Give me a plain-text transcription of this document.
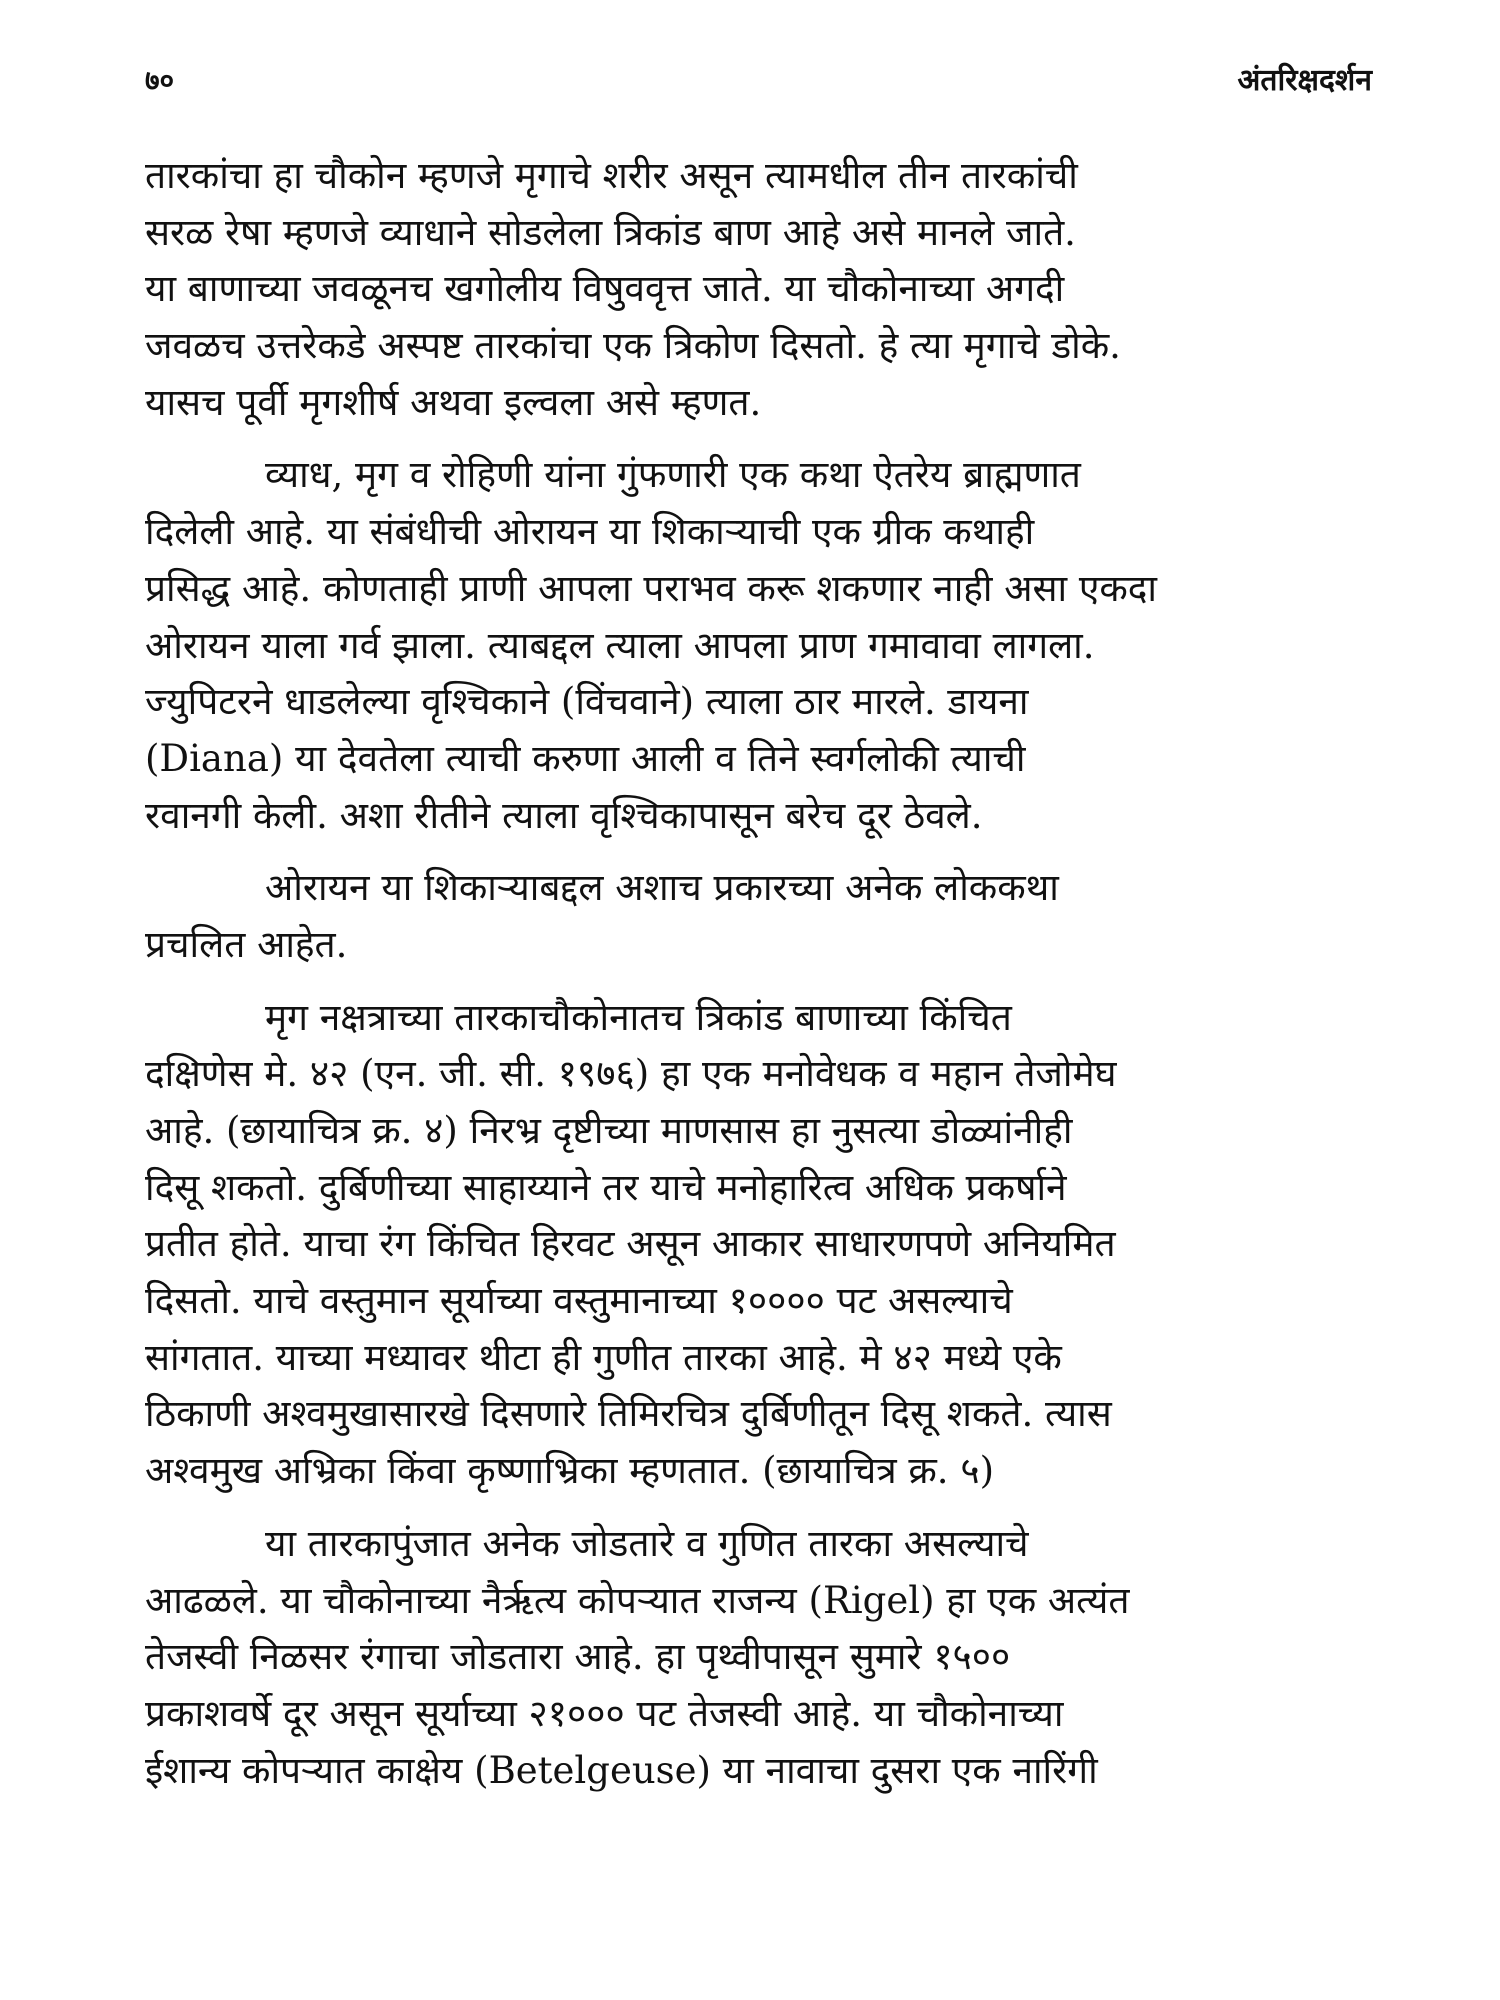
७०	अंतरिक्षदर्शन

तारकांचा हा चौकोन म्हणजे मृगाचे शरीर असून त्यामधील तीन तारकांची
सरळ रेषा म्हणजे व्याधाने सोडलेला त्रिकांड बाण आहे असे मानले जाते.
या बाणाच्या जवळूनच खगोलीय विषुववृत्त जाते. या चौकोनाच्या अगदी
जवळच उत्तरेकडे अस्पष्ट तारकांचा एक त्रिकोण दिसतो. हे त्या मृगाचे डोके.
यासच पूर्वी मृगशीर्ष अथवा इल्वला असे म्हणत.

व्याध, मृग व रोहिणी यांना गुंफणारी एक कथा ऐतरेय ब्राह्मणात
दिलेली आहे. या संबंधीची ओरायन या शिकाऱ्याची एक ग्रीक कथाही
प्रसिद्ध आहे. कोणताही प्राणी आपला पराभव करू शकणार नाही असा एकदा
ओरायन याला गर्व झाला. त्याबद्दल त्याला आपला प्राण गमावावा लागला.
ज्युपिटरने धाडलेल्या वृश्चिकाने (विंचवाने) त्याला ठार मारले. डायना
(Diana) या देवतेला त्याची करुणा आली व तिने स्वर्गलोकी त्याची
रवानगी केली. अशा रीतीने त्याला वृश्चिकापासून बरेच दूर ठेवले.

ओरायन या शिकाऱ्याबद्दल अशाच प्रकारच्या अनेक लोककथा
प्रचलित आहेत.

मृग नक्षत्राच्या तारकाचौकोनातच त्रिकांड बाणाच्या किंचित
दक्षिणेस मे. ४२ (एन. जी. सी. १९७६) हा एक मनोवेधक व महान तेजोमेघ
आहे. (छायाचित्र क्र. ४) निरभ्र दृष्टीच्या माणसास हा नुसत्या डोळ्यांनीही
दिसू शकतो. दुर्बिणीच्या साहाय्याने तर याचे मनोहारित्व अधिक प्रकर्षाने
प्रतीत होते. याचा रंग किंचित हिरवट असून आकार साधारणपणे अनियमित
दिसतो. याचे वस्तुमान सूर्याच्या वस्तुमानाच्या १०००० पट असल्याचे
सांगतात. याच्या मध्यावर थीटा ही गुणीत तारका आहे. मे ४२ मध्ये एके
ठिकाणी अश्वमुखासारखे दिसणारे तिमिरचित्र दुर्बिणीतून दिसू शकते. त्यास
अश्वमुख अभ्रिका किंवा कृष्णाभ्रिका म्हणतात. (छायाचित्र क्र. ५)

या तारकापुंजात अनेक जोडतारे व गुणित तारका असल्याचे
आढळले. या चौकोनाच्या नैर्ऋत्य कोपऱ्यात राजन्य (Rigel) हा एक अत्यंत
तेजस्वी निळसर रंगाचा जोडतारा आहे. हा पृथ्वीपासून सुमारे १५००
प्रकाशवर्षे दूर असून सूर्याच्या २१००० पट तेजस्वी आहे. या चौकोनाच्या
ईशान्य कोपऱ्यात काक्षेय (Betelgeuse) या नावाचा दुसरा एक नारिंगी
